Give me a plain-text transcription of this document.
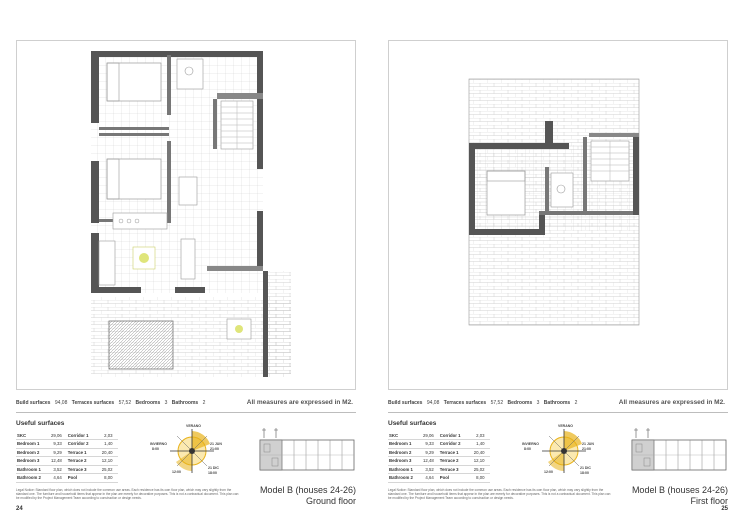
Build surfaces 94,08 Terraces surfaces 57,52 Bedrooms 3 Bathrooms 2	All measures are expressed in M2.
Useful surfaces
SKC	29,06	Corridor 1	2,03
Bedroom 1	9,33	Corridor 2	1,40
Bedroom 2	9,29	Terrace 1	20,40
Bedroom 3	12,48	Terrace 2	12,10
Bathroom 1	3,52	Terrace 3	25,02
Bathroom 2	4,64	Pool	8,00
Legal Notice: Standard floor plan, which does not include the common use areas. Each residence has its own floor plan, which may vary slightly from the standard one. The furniture and household items that appear in the plan are merely for decorative purposes. This is not a contractual document. This plan can be modified by the Project Management Team according to construction or design needs.
VERANO
INVIERNO
8:00
21 JUN
21:00
21 DIC
18:00
12:00
Model B (houses 24-26)
Ground floor
24
Build surfaces 94,08 Terraces surfaces 57,52 Bedrooms 3 Bathrooms 2	All measures are expressed in M2.
Useful surfaces
SKC	29,06	Corridor 1	2,03
Bedroom 1	9,33	Corridor 2	1,40
Bedroom 2	9,29	Terrace 1	20,40
Bedroom 3	12,48	Terrace 2	12,10
Bathroom 1	3,52	Terrace 3	25,02
Bathroom 2	4,64	Pool	8,00
Legal Notice: Standard floor plan, which does not include the common use areas. Each residence has its own floor plan, which may vary slightly from the standard one. The furniture and household items that appear in the plan are merely for decorative purposes. This is not a contractual document. This plan can be modified by the Project Management Team according to construction or design needs.
VERANO
INVIERNO
8:00
21 JUN
21:00
21 DIC
18:00
12:00
Model B (houses 24-26)
First floor
25
